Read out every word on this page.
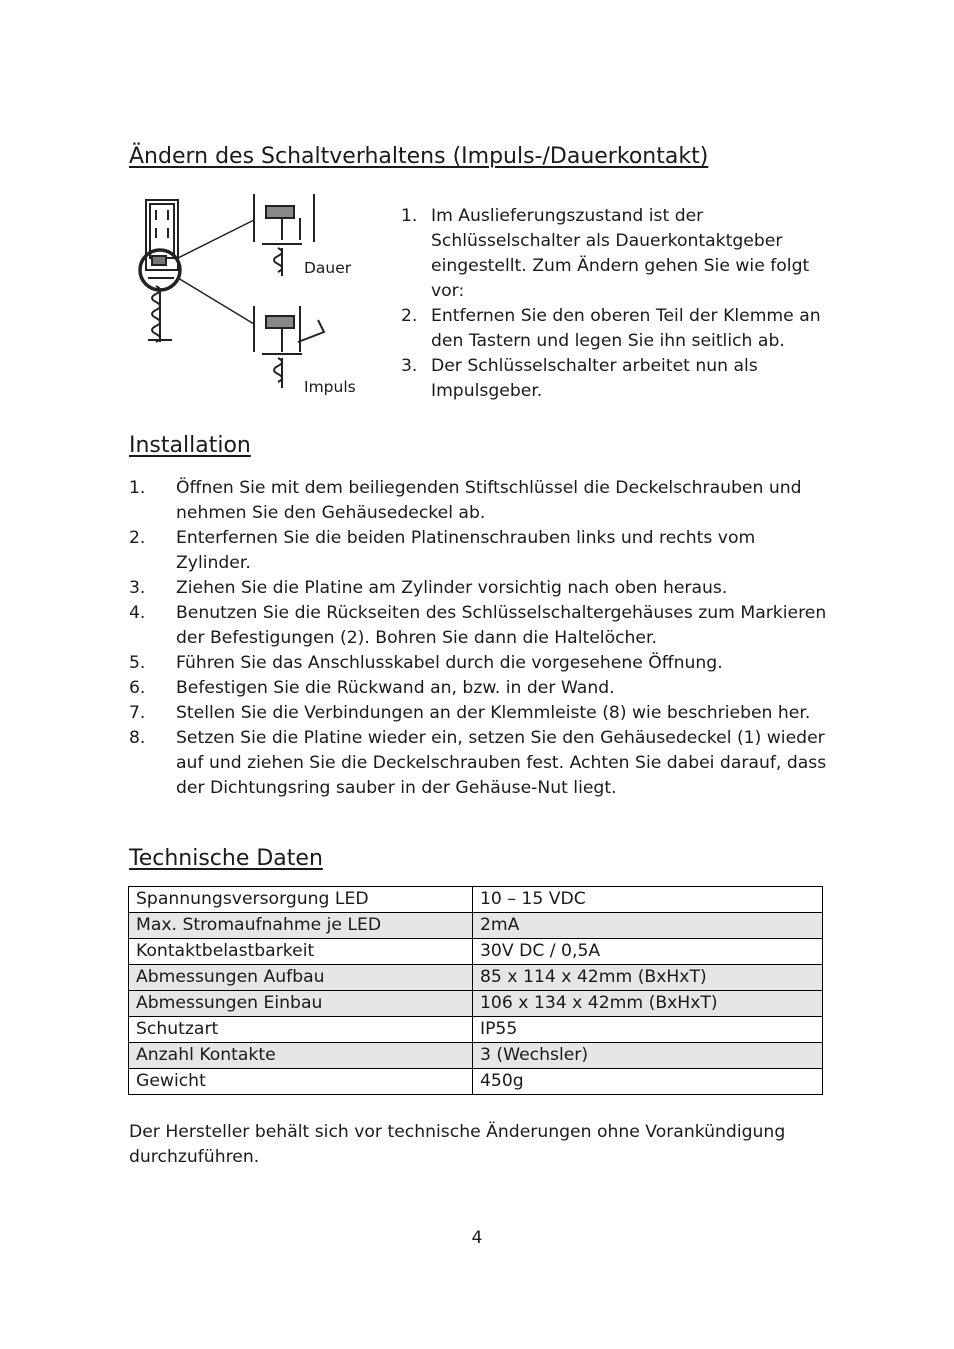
Ändern des Schaltverhaltens (Impuls-/Dauerkontakt)
Dauer
Impuls
1. Im Auslieferungszustand ist der Schlüsselschalter als Dauerkontaktgeber eingestellt. Zum Ändern gehen Sie wie folgt vor:
2. Entfernen Sie den oberen Teil der Klemme an den Tastern und legen Sie ihn seitlich ab.
3. Der Schlüsselschalter arbeitet nun als Impulsgeber.
Installation
1. Öffnen Sie mit dem beiliegenden Stiftschlüssel die Deckelschrauben und nehmen Sie den Gehäusedeckel ab.
2. Enterfernen Sie die beiden Platinenschrauben links und rechts vom Zylinder.
3. Ziehen Sie die Platine am Zylinder vorsichtig nach oben heraus.
4. Benutzen Sie die Rückseiten des Schlüsselschaltergehäuses zum Markieren der Befestigungen (2). Bohren Sie dann die Haltelöcher.
5. Führen Sie das Anschlusskabel durch die vorgesehene Öffnung.
6. Befestigen Sie die Rückwand an, bzw. in der Wand.
7. Stellen Sie die Verbindungen an der Klemmleiste (8) wie beschrieben her.
8. Setzen Sie die Platine wieder ein, setzen Sie den Gehäusedeckel (1) wieder auf und ziehen Sie die Deckelschrauben fest. Achten Sie dabei darauf, dass der Dichtungsring sauber in der Gehäuse-Nut liegt.
Technische Daten
Spannungsversorgung LED	10 – 15 VDC
Max. Stromaufnahme je LED	2mA
Kontaktbelastbarkeit	30V DC / 0,5A
Abmessungen Aufbau	85 x 114 x 42mm (BxHxT)
Abmessungen Einbau	106 x 134 x 42mm (BxHxT)
Schutzart	IP55
Anzahl Kontakte	3 (Wechsler)
Gewicht	450g

Der Hersteller behält sich vor technische Änderungen ohne Vorankündigung durchzuführen.

4
